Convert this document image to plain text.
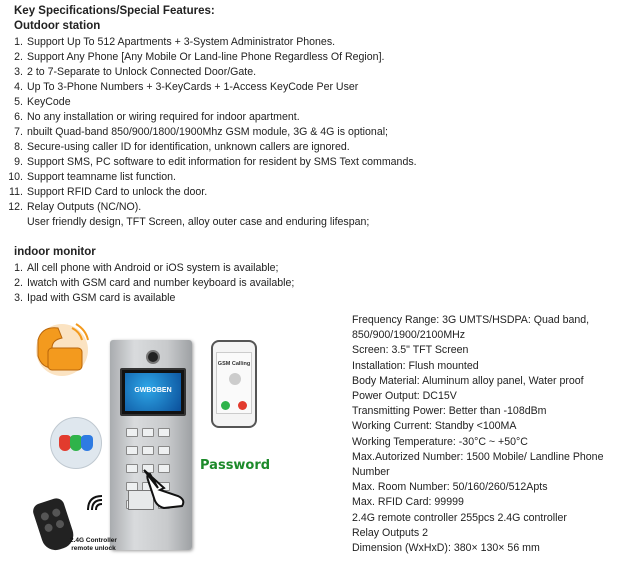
Key Specifications/Special Features:
Outdoor station
1. Support Up To 512 Apartments + 3-System Administrator Phones.
2. Support Any Phone [Any Mobile Or Land-line Phone Regardless Of Region].
3. 2 to 7-Separate to Unlock Connected Door/Gate.
4. Up To 3-Phone Numbers + 3-KeyCards + 1-Access KeyCode Per User
5. KeyCode
6. No any installation or wiring required for indoor apartment.
7. nbuilt Quad-band 850/900/1800/1900Mhz GSM module, 3G & 4G is optional;
8. Secure-using caller ID for identification, unknown callers are ignored.
9. Support SMS, PC software to edit information for resident by SMS Text commands.
10. Support teamname list function.
11. Support RFID Card to unlock the door.
12. Relay Outputs (NC/NO).
User friendly design, TFT Screen, alloy outer case and enduring lifespan;
indoor monitor
1. All cell phone with Android or iOS system is available;
2. Iwatch with GSM card and number keyboard is available;
3. Ipad with GSM card is available
Frequency Range: 3G UMTS/HSDPA: Quad band,
850/900/1900/2100MHz
Screen: 3.5" TFT Screen
Installation: Flush mounted
Body Material: Aluminum alloy panel, Water proof
Power Output: DC15V
Transmitting Power: Better than -108dBm
Working Current: Standby <100MA
Working Temperature: -30°C ~ +50°C
Max.Autorized Number: 1500 Mobile/ Landline Phone Number
Max. Room Number: 50/160/260/512Apts
Max. RFID Card: 99999
2.4G remote controller 255pcs 2.4G controller
Relay Outputs 2
Dimension (WxHxD): 380× 130× 56 mm
GWBOBEN
GSM Calling
Password
2.4G Controller
remote unlock
